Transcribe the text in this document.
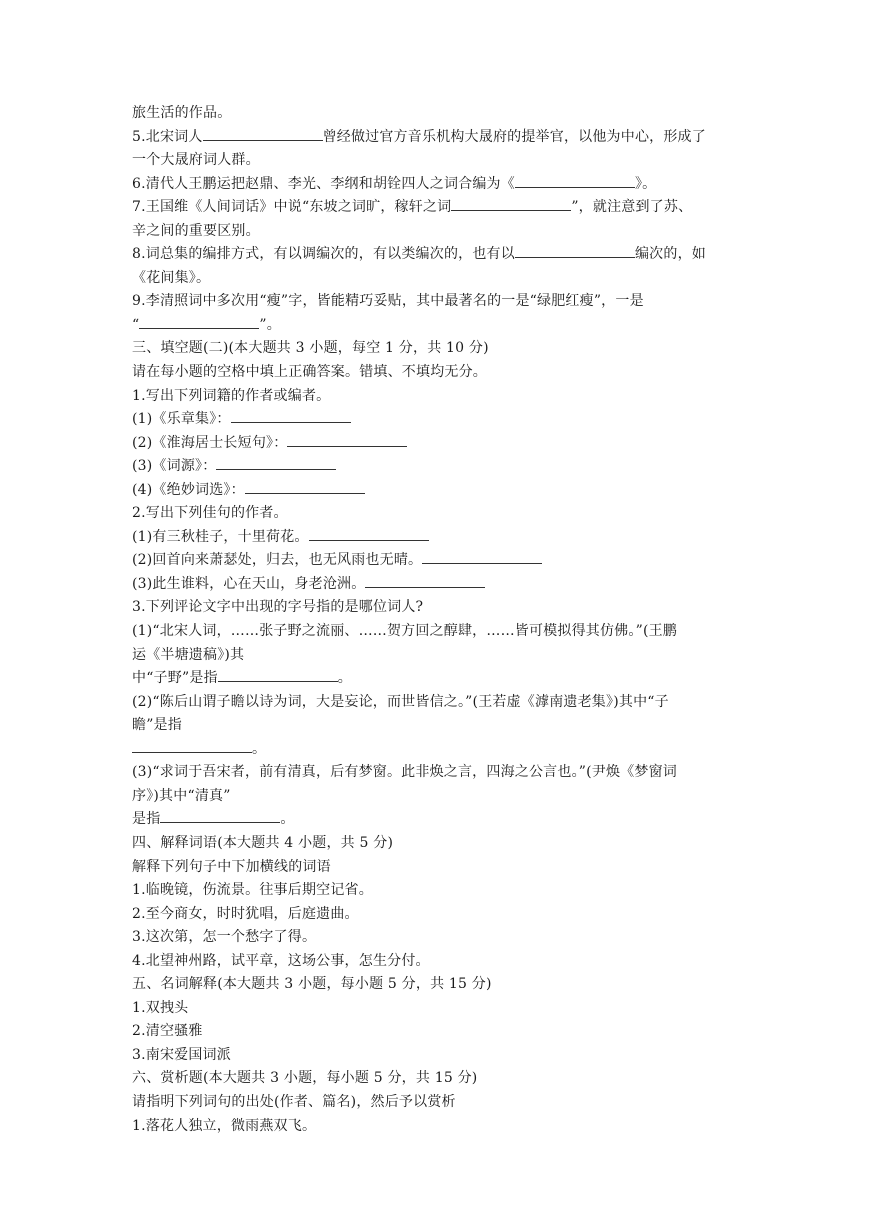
旅生活的作品。
5.北宋词人	曾经做过官方音乐机构大晟府的提举官，以他为中心，形成了
一个大晟府词人群。
6.清代人王鹏运把赵鼎、李光、李纲和胡铨四人之词合编为《	》。
7.王国维《人间词话》中说“东坡之词旷，稼轩之词	”，就注意到了苏、
辛之间的重要区别。
8.词总集的编排方式，有以调编次的，有以类编次的，也有以	编次的，如
《花间集》。
9.李清照词中多次用“瘦”字，皆能精巧妥贴，其中最著名的一是“绿肥红瘦”，一是
“	”。
三、填空题(二)(本大题共 3 小题，每空 1 分，共 10 分)
请在每小题的空格中填上正确答案。错填、不填均无分。
1.写出下列词籍的作者或编者。
(1)《乐章集》：
(2)《淮海居士长短句》：
(3)《词源》：
(4)《绝妙词选》：
2.写出下列佳句的作者。
(1)有三秋桂子，十里荷花。
(2)回首向来萧瑟处，归去，也无风雨也无晴。
(3)此生谁料，心在天山，身老沧洲。
3.下列评论文字中出现的字号指的是哪位词人?
(1)“北宋人词，……张子野之流丽、……贺方回之醇肆，……皆可模拟得其仿佛。”(王鹏
运《半塘遗稿》)其
中“子野”是指	。
(2)“陈后山谓子瞻以诗为词，大是妄论，而世皆信之。”(王若虚《滹南遗老集》)其中“子
瞻”是指
。
(3)“求词于吾宋者，前有清真，后有梦窗。此非焕之言，四海之公言也。”(尹焕《梦窗词
序》)其中“清真”
是指	。
四、解释词语(本大题共 4 小题，共 5 分)
解释下列句子中下加横线的词语
1.临晚镜，伤流景。往事后期空记省。
2.至今商女，时时犹唱，后庭遗曲。
3.这次第，怎一个愁字了得。
4.北望神州路，试平章，这场公事，怎生分付。
五、名词解释(本大题共 3 小题，每小题 5 分，共 15 分)
1.双拽头
2.清空骚雅
3.南宋爱国词派
六、赏析题(本大题共 3 小题，每小题 5 分，共 15 分)
请指明下列词句的出处(作者、篇名)，然后予以赏析
1.落花人独立，微雨燕双飞。
